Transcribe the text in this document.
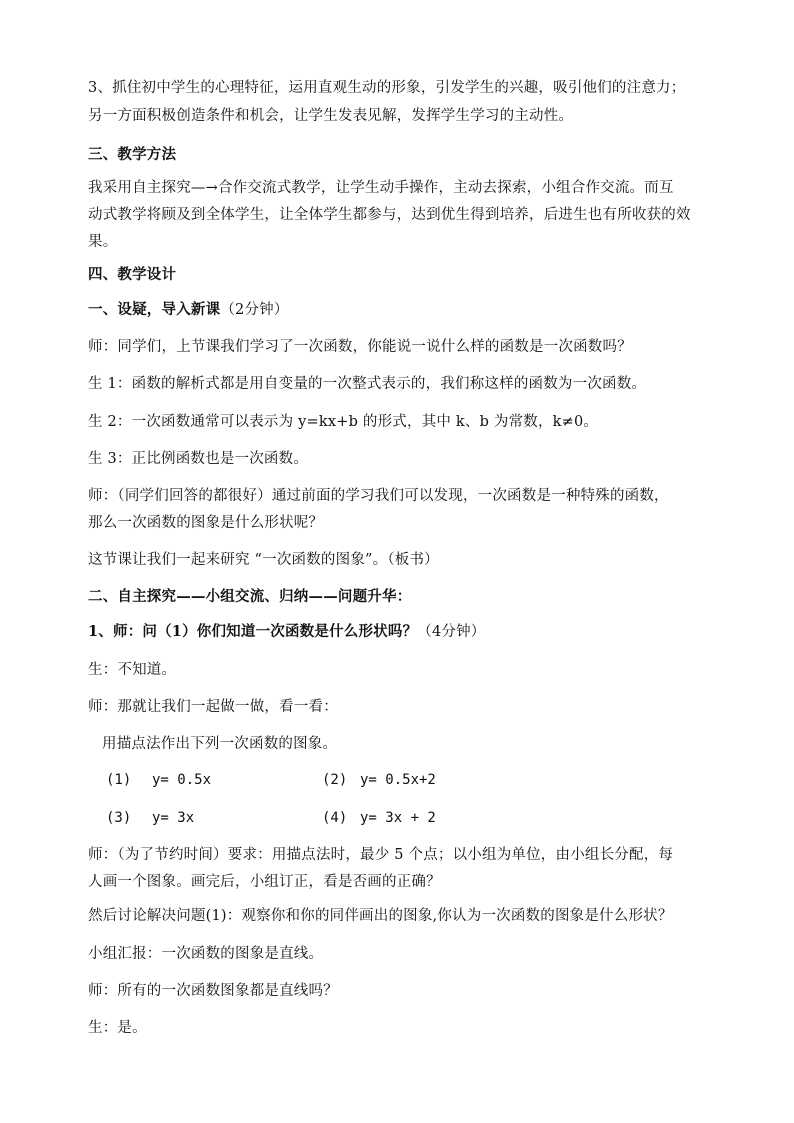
3、抓住初中学生的心理特征，运用直观生动的形象，引发学生的兴趣，吸引他们的注意力；
另一方面积极创造条件和机会，让学生发表见解，发挥学生学习的主动性。
三、教学方法
我采用自主探究—→合作交流式教学，让学生动手操作，主动去探索，小组合作交流。而互
动式教学将顾及到全体学生，让全体学生都参与，达到优生得到培养，后进生也有所收获的效
果。
四、教学设计
一、设疑，导入新课（2分钟）
师：同学们，上节课我们学习了一次函数，你能说一说什么样的函数是一次函数吗？
生 1：函数的解析式都是用自变量的一次整式表示的，我们称这样的函数为一次函数。
生 2：一次函数通常可以表示为 y=kx+b 的形式，其中 k、b 为常数，k≠0。
生 3：正比例函数也是一次函数。
师：（同学们回答的都很好）通过前面的学习我们可以发现，一次函数是一种特殊的函数，
那么一次函数的图象是什么形状呢？
这节课让我们一起来研究 “一次函数的图象”。（板书）
二、自主探究——小组交流、归纳——问题升华：
1、师：问（1）你们知道一次函数是什么形状吗？（4分钟）
生：不知道。
师：那就让我们一起做一做，看一看：
用描点法作出下列一次函数的图象。
(1) y= 0.5x	(2) y= 0.5x+2
(3) y= 3x	(4) y= 3x + 2
师：（为了节约时间）要求：用描点法时，最少 5 个点；以小组为单位，由小组长分配，每
人画一个图象。画完后，小组订正，看是否画的正确？
然后讨论解决问题(1)：观察你和你的同伴画出的图象,你认为一次函数的图象是什么形状？
小组汇报：一次函数的图象是直线。
师：所有的一次函数图象都是直线吗？
生：是。
